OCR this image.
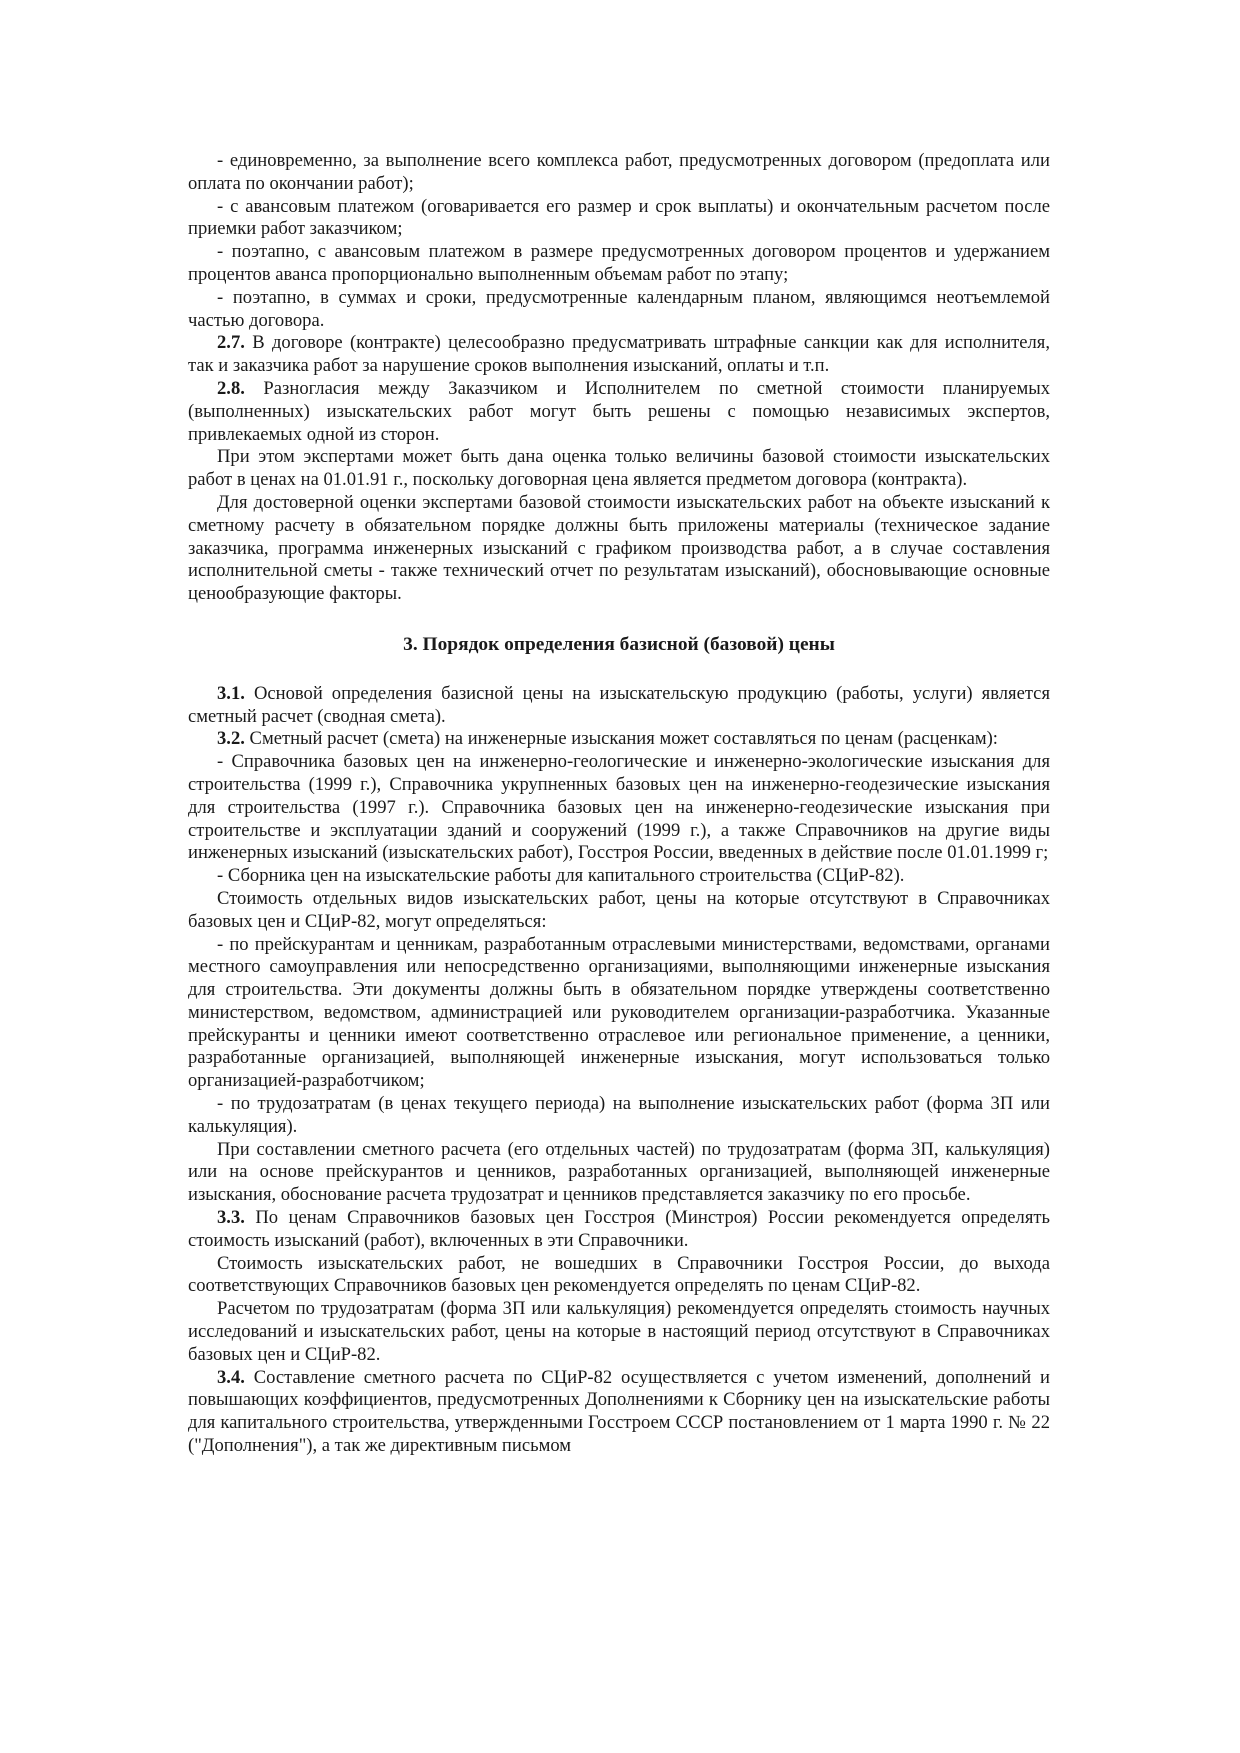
- единовременно, за выполнение всего комплекса работ, предусмотренных договором (предоплата или оплата по окончании работ);

- с авансовым платежом (оговаривается его размер и срок выплаты) и окончательным расчетом после приемки работ заказчиком;

- поэтапно, с авансовым платежом в размере предусмотренных договором процентов и удержанием процентов аванса пропорционально выполненным объемам работ по этапу;

- поэтапно, в суммах и сроки, предусмотренные календарным планом, являющимся неотъемлемой частью договора.

2.7. В договоре (контракте) целесообразно предусматривать штрафные санкции как для исполнителя, так и заказчика работ за нарушение сроков выполнения изысканий, оплаты и т.п.

2.8. Разногласия между Заказчиком и Исполнителем по сметной стоимости планируемых (выполненных) изыскательских работ могут быть решены с помощью независимых экспертов, привлекаемых одной из сторон.

При этом экспертами может быть дана оценка только величины базовой стоимости изыскательских работ в ценах на 01.01.91 г., поскольку договорная цена является предметом договора (контракта).

Для достоверной оценки экспертами базовой стоимости изыскательских работ на объекте изысканий к сметному расчету в обязательном порядке должны быть приложены материалы (техническое задание заказчика, программа инженерных изысканий с графиком производства работ, а в случае составления исполнительной сметы - также технический отчет по результатам изысканий), обосновывающие основные ценообразующие факторы.

3. Порядок определения базисной (базовой) цены

3.1. Основой определения базисной цены на изыскательскую продукцию (работы, услуги) является сметный расчет (сводная смета).

3.2. Сметный расчет (смета) на инженерные изыскания может составляться по ценам (расценкам):

- Справочника базовых цен на инженерно-геологические и инженерно-экологические изыскания для строительства (1999 г.), Справочника укрупненных базовых цен на инженерно-геодезические изыскания для строительства (1997 г.). Справочника базовых цен на инженерно-геодезические изыскания при строительстве и эксплуатации зданий и сооружений (1999 г.), а также Справочников на другие виды инженерных изысканий (изыскательских работ), Госстроя России, введенных в действие после 01.01.1999 г;

- Сборника цен на изыскательские работы для капитального строительства (СЦиР-82).

Стоимость отдельных видов изыскательских работ, цены на которые отсутствуют в Справочниках базовых цен и СЦиР-82, могут определяться:

- по прейскурантам и ценникам, разработанным отраслевыми министерствами, ведомствами, органами местного самоуправления или непосредственно организациями, выполняющими инженерные изыскания для строительства. Эти документы должны быть в обязательном порядке утверждены соответственно министерством, ведомством, администрацией или руководителем организации-разработчика. Указанные прейскуранты и ценники имеют соответственно отраслевое или региональное применение, а ценники, разработанные организацией, выполняющей инженерные изыскания, могут использоваться только организацией-разработчиком;

- по трудозатратам (в ценах текущего периода) на выполнение изыскательских работ (форма 3П или калькуляция).

При составлении сметного расчета (его отдельных частей) по трудозатратам (форма 3П, калькуляция) или на основе прейскурантов и ценников, разработанных организацией, выполняющей инженерные изыскания, обоснование расчета трудозатрат и ценников представляется заказчику по его просьбе.

3.3. По ценам Справочников базовых цен Госстроя (Минстроя) России рекомендуется определять стоимость изысканий (работ), включенных в эти Справочники.

Стоимость изыскательских работ, не вошедших в Справочники Госстроя России, до выхода соответствующих Справочников базовых цен рекомендуется определять по ценам СЦиР-82.

Расчетом по трудозатратам (форма 3П или калькуляция) рекомендуется определять стоимость научных исследований и изыскательских работ, цены на которые в настоящий период отсутствуют в Справочниках базовых цен и СЦиР-82.

3.4. Составление сметного расчета по СЦиР-82 осуществляется с учетом изменений, дополнений и повышающих коэффициентов, предусмотренных Дополнениями к Сборнику цен на изыскательские работы для капитального строительства, утвержденными Госстроем СССР постановлением от 1 марта 1990 г. № 22 ("Дополнения"), а так же директивным письмом
